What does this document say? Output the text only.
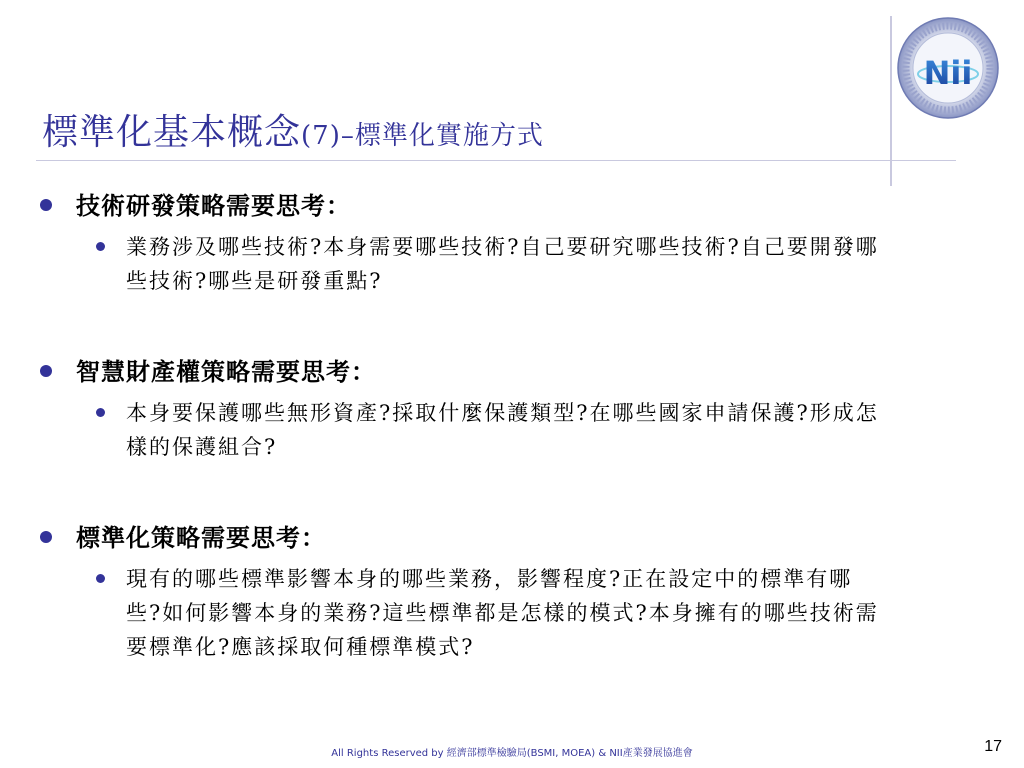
標準化基本概念(7)–標準化實施方式
Nii
技術研發策略需要思考：
業務涉及哪些技術?本身需要哪些技術?自己要研究哪些技術?自己要開發哪些技術?哪些是研發重點?
智慧財產權策略需要思考：
本身要保護哪些無形資產?採取什麼保護類型?在哪些國家申請保護?形成怎樣的保護組合?
標準化策略需要思考：
現有的哪些標準影響本身的哪些業務，影響程度?正在設定中的標準有哪些?如何影響本身的業務?這些標準都是怎樣的模式?本身擁有的哪些技術需要標準化?應該採取何種標準模式?
All Rights Reserved by 經濟部標準檢驗局(BSMI, MOEA) & NII產業發展協進會	17
